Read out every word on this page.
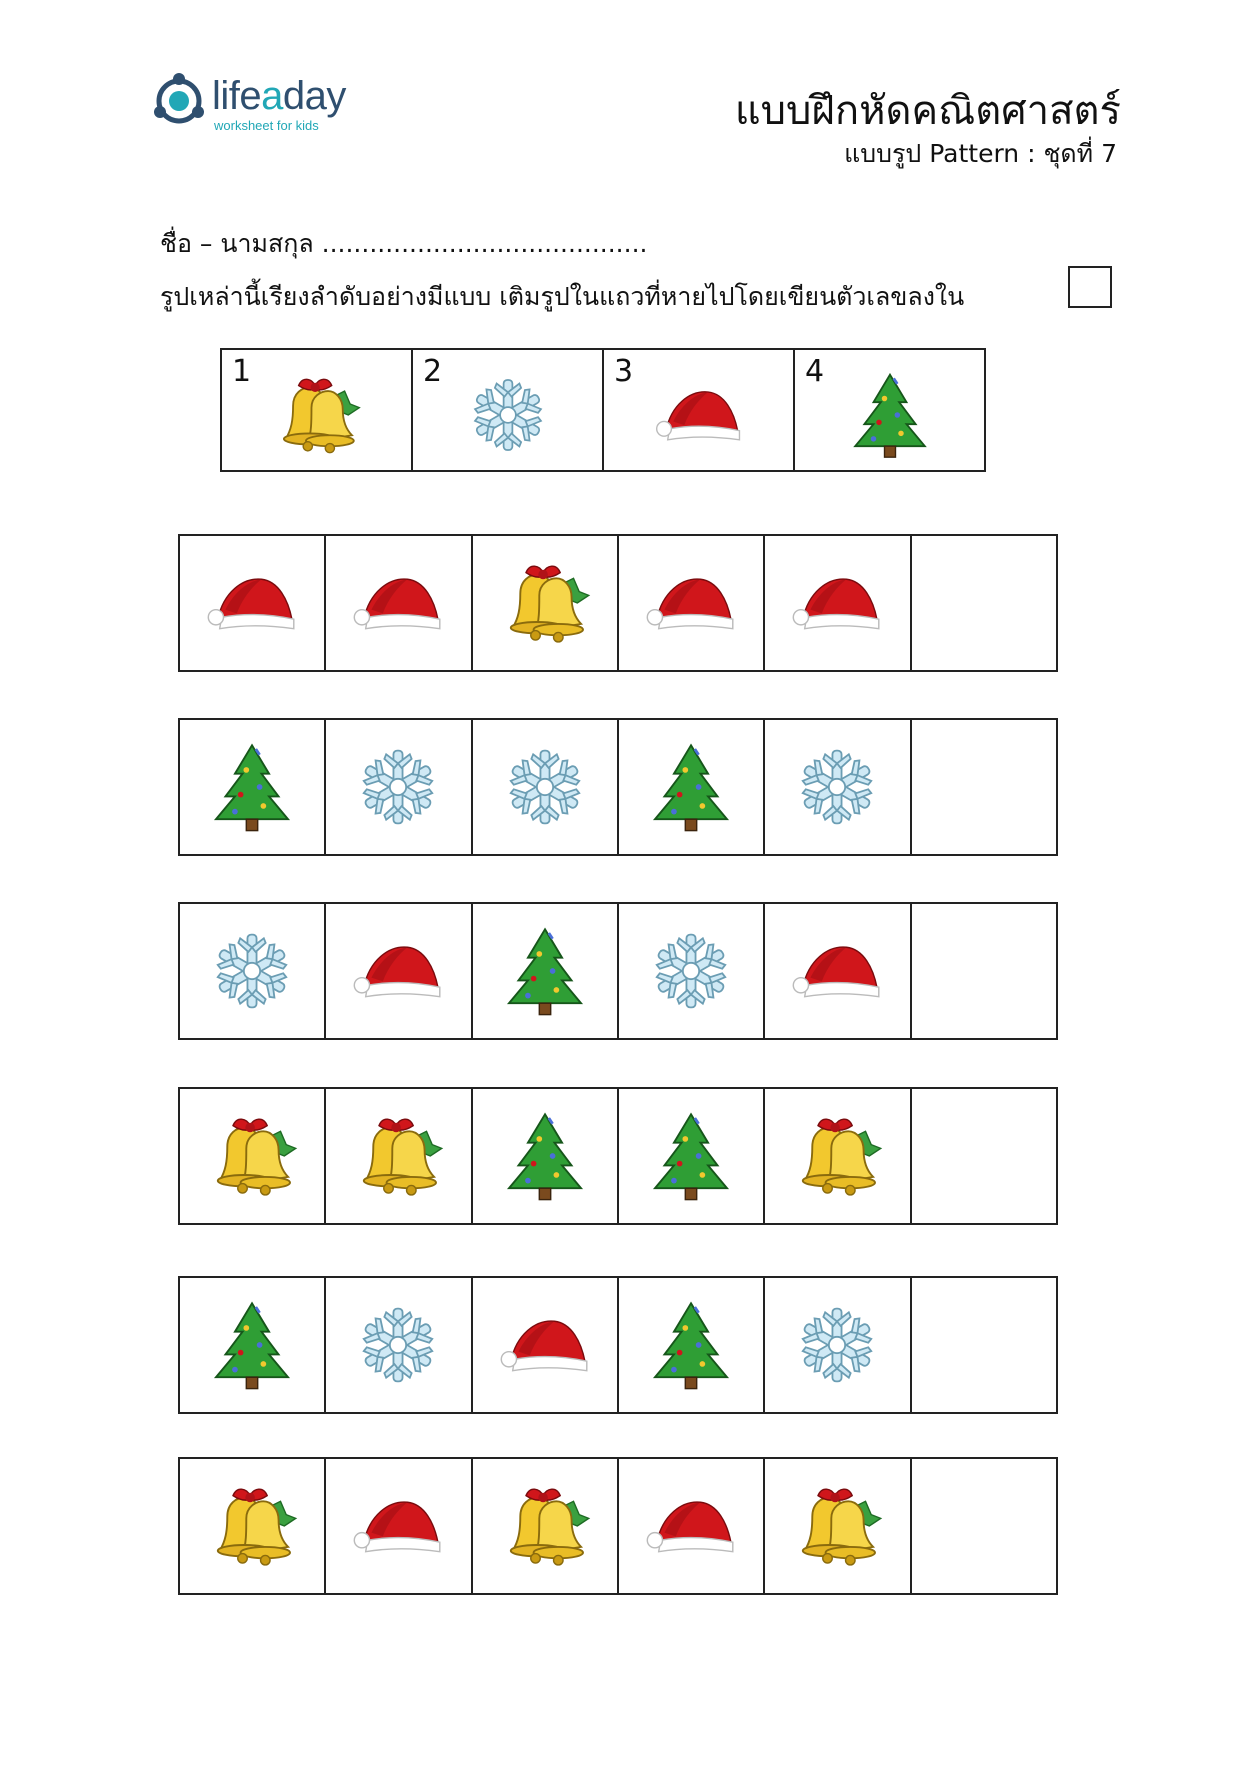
lifeaday
worksheet for kids	แบบฝึกหัดคณิตศาสตร์
แบบรูป Pattern : ชุดที่ 7
ชื่อ – นามสกุล .........................................
รูปเหล่านี้เรียงลำดับอย่างมีแบบ เติมรูปในแถวที่หายไปโดยเขียนตัวเลขลงใน
1	2	3	4
